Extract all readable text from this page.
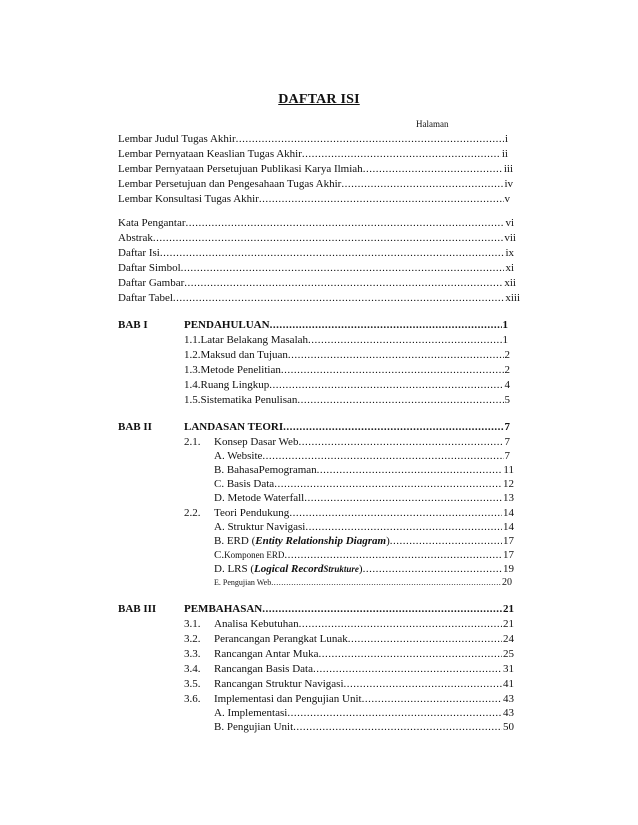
DAFTAR ISI
Halaman
Lembar Judul Tugas Akhir .....	i
Lembar Pernyataan Keaslian Tugas Akhir .....	ii
Lembar Pernyataan Persetujuan Publikasi Karya Ilmiah .....	iii
Lembar Persetujuan dan Pengesahaan Tugas Akhir .....	iv
Lembar Konsultasi Tugas Akhir .....	v
Kata Pengantar .....	vi
Abstrak .....	vii
Daftar Isi .....	ix
Daftar Simbol .....	xi
Daftar Gambar .....	xii
Daftar Tabel .....	xiii
BAB I	PENDAHULUAN .....	1
1.1.Latar Belakang Masalah .....	1
1.2.Maksud dan Tujuan .....	2
1.3.Metode Penelitian .....	2
1.4.Ruang Lingkup .....	4
1.5.Sistematika Penulisan .....	5
BAB II	LANDASAN TEORI .....	7
2.1.	Konsep Dasar Web .....	7
A. Website .....	7
B. BahasaPemograman .....	11
C. Basis Data .....	12
D. Metode Waterfall .....	13
2.2.	Teori Pendukung .....	14
A. Struktur Navigasi .....	14
B. ERD ( Entity Relationship Diagram ) .....	17
C. Komponen ERD .....	17
D. LRS ( Logical Record Strukture ) .....	19
E. Pengujian Web .....	20
BAB III	PEMBAHASAN .....	21
3.1.	Analisa Kebutuhan .....	21
3.2.	Perancangan Perangkat Lunak .....	24
3.3.	Rancangan Antar Muka .....	25
3.4.	Rancangan Basis Data .....	31
3.5.	Rancangan Struktur Navigasi .....	41
3.6.	Implementasi dan Pengujian Unit .....	43
A. Implementasi .....	43
B. Pengujian Unit .....	50
